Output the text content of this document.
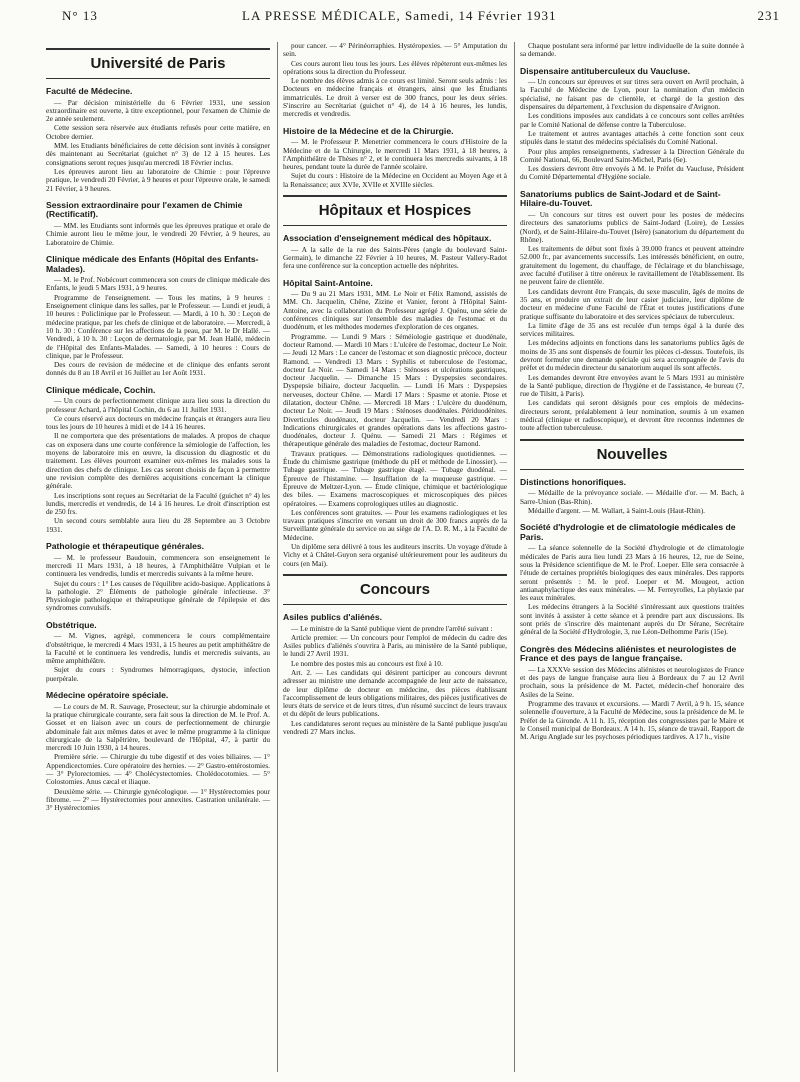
N° 13	LA PRESSE MÉDICALE, Samedi, 14 Février 1931	231
Université de Paris
Faculté de Médecine.

— Par décision ministérielle du 6 Février 1931, une session extraordinaire est ouverte, à titre exceptionnel, pour l'examen de Chimie de 2e année seulement.

Cette session sera réservée aux étudiants refusés pour cette matière, en Octobre dernier.

MM. les Etudiants bénéficiaires de cette décision sont invités à consigner dès maintenant au Secrétariat (guichet n° 3) de 12 à 15 heures. Les consignations seront reçues jusqu'au mercredi 18 Février inclus.

Les épreuves auront lieu au laboratoire de Chimie : pour l'épreuve pratique, le vendredi 20 Février, à 9 heures et pour l'épreuve orale, le samedi 21 Février, à 9 heures.

Session extraordinaire pour l'examen de Chimie (Rectificatif).

— MM. les Etudiants sont informés que les épreuves pratique et orale de Chimie auront lieu le même jour, le vendredi 20 Février, à 9 heures, au Laboratoire de Chimie.

Clinique médicale des Enfants (Hôpital des Enfants-Malades).

— M. le Prof. Nobécourt commencera son cours de clinique médicale des Enfants, le jeudi 5 Mars 1931, à 9 heures.

Programme de l'enseignement. — Tous les matins, à 9 heures : Enseignement clinique dans les salles, par le Professeur. — Lundi et jeudi, à 10 heures : Policlinique par le Professeur. — Mardi, à 10 h. 30 : Leçon de médecine pratique, par les chefs de clinique et de laboratoire. — Mercredi, à 10 h. 30 : Conférence sur les affections de la peau, par M. le Dr Hallé. — Vendredi, à 10 h. 30 : Leçon de dermatologie, par M. Jean Hallé, médecin de l'Hôpital des Enfants-Malades. — Samedi, à 10 heures : Cours de clinique, par le Professeur.

Des cours de revision de médecine et de clinique des enfants seront donnés du 8 au 18 Avril et 16 Juillet au 1er Août 1931.

Clinique médicale, Cochin.

— Un cours de perfectionnement clinique aura lieu sous la direction du professeur Achard, à l'hôpital Cochin, du 6 au 11 Juillet 1931.

Ce cours réservé aux docteurs en médecine français et étrangers aura lieu tous les jours de 10 heures à midi et de 14 à 16 heures.

Il ne comportera que des présentations de malades. A propos de chaque cas on exposera dans une courte conférence la sémiologie de l'affection, les moyens de laboratoire mis en œuvre, la discussion du diagnostic et du traitement. Les élèves pourront examiner eux-mêmes les malades sous la direction des chefs de clinique. Les cas seront choisis de façon à permettre une revision complète des dernières acquisitions concernant la clinique générale.

Les inscriptions sont reçues au Secrétariat de la Faculté (guichet n° 4) les lundis, mercredis et vendredis, de 14 à 16 heures. Le droit d'inscription est de 250 frs.

Un second cours semblable aura lieu du 28 Septembre au 3 Octobre 1931.

Pathologie et thérapeutique générales.

— M. le professeur Baudouin, commencera son enseignement le mercredi 11 Mars 1931, à 18 heures, à l'Amphithéâtre Vulpian et le continuera les vendredis, lundis et mercredis suivants à la même heure.

Sujet du cours : 1° Les causes de l'équilibre acido-basique. Applications à la pathologie. 2° Éléments de pathologie générale infectieuse. 3° Physiologie pathologique et thérapeutique générale de l'épilepsie et des syndromes convulsifs.

Obstétrique.

— M. Vignes, agrégé, commencera le cours complémentaire d'obstétrique, le mercredi 4 Mars 1931, à 15 heures au petit amphithéâtre de la Faculté et le continuera les vendredis, lundis et mercredis suivants, au même amphithéâtre.

Sujet du cours : Syndromes hémorragiques, dystocie, infection puerpérale.

Médecine opératoire spéciale.

— Le cours de M. R. Sauvage, Prosecteur, sur la chirurgie abdominale et la pratique chirurgicale courante, sera fait sous la direction de M. le Prof. A. Gosset et en liaison avec un cours de perfectionnement de chirurgie abdominale fait aux mêmes dates et avec le même programme à la clinique chirurgicale de la Salpêtrière, boulevard de l'Hôpital, 47, à partir du mercredi 10 Juin 1930, à 14 heures.

Première série. — Chirurgie du tube digestif et des voies biliaires. — 1° Appendicectomies. Cure opératoire des hernies. — 2° Gastro-entérostomies. — 3° Pylorectomies. — 4° Cholécystectomies. Cholédocotomies. — 5° Colostomies. Anus cæcal et iliaque.

Deuxième série. — Chirurgie gynécologique. — 1° Hystérectomies pour fibrome. — 2° — Hystérectomies pour annexites. Castration unilatérale. — 3° Hystérectomies

pour cancer. — 4° Périnéorraphies. Hystéropexies. — 5° Amputation du sein.

Ces cours auront lieu tous les jours. Les élèves répéteront eux-mêmes les opérations sous la direction du Professeur.

Le nombre des élèves admis à ce cours est limité. Seront seuls admis : les Docteurs en médecine français et étrangers, ainsi que les Étudiants immatriculés. Le droit à verser est de 300 francs, pour les deux séries. S'inscrire au Secrétariat (guichet n° 4), de 14 à 16 heures, les lundis, mercredis et vendredis.

Histoire de la Médecine et de la Chirurgie.

— M. le Professeur P. Menetrier commencera le cours d'Histoire de la Médecine et de la Chirurgie, le mercredi 11 Mars 1931, à 18 heures, à l'Amphithéâtre de Thèses n° 2, et le continuera les mercredis suivants, à 18 heures, pendant toute la durée de l'année scolaire.

Sujet du cours : Histoire de la Médecine en Occident au Moyen Age et à la Renaissance; aux XVIe, XVIIe et XVIIIe siècles.

Hôpitaux et Hospices
Association d'enseignement médical des hôpitaux.

— A la salle de la rue des Saints-Pères (angle du boulevard Saint-Germain), le dimanche 22 Février à 10 heures, M. Pasteur Vallery-Radot fera une conférence sur la conception actuelle des néphrites.

Hôpital Saint-Antoine.

— Du 9 au 21 Mars 1931, MM. Le Noir et Félix Ramond, assistés de MM. Ch. Jacquelin, Chêne, Zizine et Vanier, feront à l'Hôpital Saint-Antoine, avec la collaboration du Professeur agrégé J. Quénu, une série de conférences cliniques sur l'ensemble des maladies de l'estomac et du duodénum, et les méthodes modernes d'exploration de ces organes.

Programme. — Lundi 9 Mars : Séméiologie gastrique et duodénale, docteur Ramond. — Mardi 10 Mars : L'ulcère de l'estomac, docteur Le Noir. — Jeudi 12 Mars : Le cancer de l'estomac et son diagnostic précoce, docteur Ramond. — Vendredi 13 Mars : Syphilis et tuberculose de l'estomac, docteur Le Noir. — Samedi 14 Mars : Sténoses et ulcérations gastriques, docteur Jacquelin. — Dimanche 15 Mars : Dyspepsies secondaires. Dyspepsie biliaire, docteur Jacquelin. — Lundi 16 Mars : Dyspepsies nerveuses, docteur Chêne. — Mardi 17 Mars : Spasme et atonie. Ptose et dilatation, docteur Chêne. — Mercredi 18 Mars : L'ulcère du duodénum, docteur Le Noir. — Jeudi 19 Mars : Sténoses duodénales. Périduodénites. Diverticules duodénaux, docteur Jacquelin. — Vendredi 20 Mars : Indications chirurgicales et grandes opérations dans les affections gastro-duodénales, docteur J. Quénu. — Samedi 21 Mars : Régimes et thérapeutique générale des maladies de l'estomac, docteur Ramond.

Travaux pratiques. — Démonstrations radiologiques quotidiennes. — Étude du chimisme gastrique (méthode du pH et méthode de Linossier). — Tubage gastrique. — Tubage gastrique étagé. — Tubage duodénal. — Épreuve de l'histamine. — Insufflation de la muqueuse gastrique. — Épreuve de Meltzer-Lyon. — Étude clinique, chimique et bactériologique des biles. — Examens macroscopiques et microscopiques des pièces opératoires. — Examens coprologiques utiles au diagnostic.

Les conférences sont gratuites. — Pour les examens radiologiques et les travaux pratiques s'inscrire en versant un droit de 300 francs auprès de la Surveillante générale du service ou au siège de l'A. D. R. M., à la Faculté de Médecine.

Un diplôme sera délivré à tous les auditeurs inscrits. Un voyage d'étude à Vichy et à Châtel-Guyon sera organisé ultérieurement pour les auditeurs du cours (en Mai).

Concours
Asiles publics d'aliénés.

— Le ministre de la Santé publique vient de prendre l'arrêté suivant :

Article premier. — Un concours pour l'emploi de médecin du cadre des Asiles publics d'aliénés s'ouvrira à Paris, au ministère de la Santé publique, le lundi 27 Avril 1931.

Le nombre des postes mis au concours est fixé à 10.

Art. 2. — Les candidats qui désirent participer au concours devront adresser au ministre une demande accompagnée de leur acte de naissance, de leur diplôme de docteur en médecine, des pièces établissant l'accomplissement de leurs obligations militaires, des pièces justificatives de leurs états de service et de leurs titres, d'un résumé succinct de leurs travaux et du dépôt de leurs publications.

Les candidatures seront reçues au ministère de la Santé publique jusqu'au vendredi 27 Mars inclus.

Chaque postulant sera informé par lettre individuelle de la suite donnée à sa demande.

Dispensaire antituberculeux du Vaucluse.

— Un concours sur épreuves et sur titres sera ouvert en Avril prochain, à la Faculté de Médecine de Lyon, pour la nomination d'un médecin spécialisé, ne faisant pas de clientèle, et chargé de la gestion des dispensaires du département, à l'exclusion du dispensaire d'Avignon.

Les conditions imposées aux candidats à ce concours sont celles arrêtées par le Comité National de défense contre la Tuberculose.

Le traitement et autres avantages attachés à cette fonction sont ceux stipulés dans le statut des médecins spécialisés du Comité National.

Pour plus amples renseignements, s'adresser à la Direction Générale du Comité National, 66, Boulevard Saint-Michel, Paris (6e).

Les dossiers devront être envoyés à M. le Préfet du Vaucluse, Président du Comité Départemental d'Hygiène sociale.

Sanatoriums publics de Saint-Jodard et de Saint-Hilaire-du-Touvet.

— Un concours sur titres est ouvert pour les postes de médecins directeurs des sanatoriums publics de Saint-Jodard (Loire), de Lessies (Nord), et de Saint-Hilaire-du-Touvet (Isère) (sanatorium du département du Rhône).

Les traitements de début sont fixés à 39.000 francs et peuvent atteindre 52.000 fr., par avancements successifs. Les intéressés bénéficient, en outre, gratuitement du logement, du chauffage, de l'éclairage et du blanchissage, avec faculté d'utiliser à titre onéreux le ravitaillement de l'établissement. Ils ne peuvent faire de clientèle.

Les candidats devront être Français, du sexe masculin, âgés de moins de 35 ans, et produire un extrait de leur casier judiciaire, leur diplôme de docteur en médecine d'une Faculté de l'État et toutes justifications d'une pratique suffisante du laboratoire et des services spéciaux de tuberculeux.

La limite d'âge de 35 ans est reculée d'un temps égal à la durée des services militaires.

Les médecins adjoints en fonctions dans les sanatoriums publics âgés de moins de 35 ans sont dispensés de fournir les pièces ci-dessus. Toutefois, ils devront formuler une demande spéciale qui sera accompagnée de l'avis du préfet et du médecin directeur du sanatorium auquel ils sont affectés.

Les demandes devront être envoyées avant le 5 Mars 1931 au ministère de la Santé publique, direction de l'hygiène et de l'assistance, 4e bureau (7, rue de Tilsitt, à Paris).

Les candidats qui seront désignés pour ces emplois de médecins-directeurs seront, préalablement à leur nomination, soumis à un examen médical (clinique et radioscopique), et devront être reconnus indemnes de toute affection tuberculeuse.

Nouvelles
Distinctions honorifiques.

— Médaille de la prévoyance sociale. — Médaille d'or. — M. Bach, à Sarre-Union (Bas-Rhin).

Médaille d'argent. — M. Wallart, à Saint-Louis (Haut-Rhin).

Société d'hydrologie et de climatologie médicales de Paris.

— La séance solennelle de la Société d'hydrologie et de climatologie médicales de Paris aura lieu lundi 23 Mars à 16 heures, 12, rue de Seine, sous la Présidence scientifique de M. le Prof. Loeper. Elle sera consacrée à l'étude de certaines propriétés biologiques des eaux minérales. Des rapports seront présentés : M. le prof. Loeper et M. Mougeot, action antianaphylactique des eaux minérales. — M. Ferreyrolles, La phylaxie par les eaux minérales.

Les médecins étrangers à la Société s'intéressant aux questions traitées sont invités à assister à cette séance et à prendre part aux discussions. Ils sont priés de s'inscrire dès maintenant auprès du Dr Sérane, Secrétaire général de la Société d'Hydrologie, 3, rue Léon-Delhomme Paris (15e).

Congrès des Médecins aliénistes et neurologistes de France et des pays de langue française.

— La XXXVe session des Médecins aliénistes et neurologistes de France et des pays de langue française aura lieu à Bordeaux du 7 au 12 Avril prochain, sous la présidence de M. Pactet, médecin-chef honoraire des Asiles de la Seine.

Programme des travaux et excursions. — Mardi 7 Avril, à 9 h. 15, séance solennelle d'ouverture, à la Faculté de Médecine, sous la présidence de M. le Préfet de la Gironde. A 11 h. 15, réception des congressistes par le Maire et le Conseil municipal de Bordeaux. A 14 h. 15, séance de travail. Rapport de M. Arigu Anglade sur les psychoses périodiques tardives. A 17 h., visite
